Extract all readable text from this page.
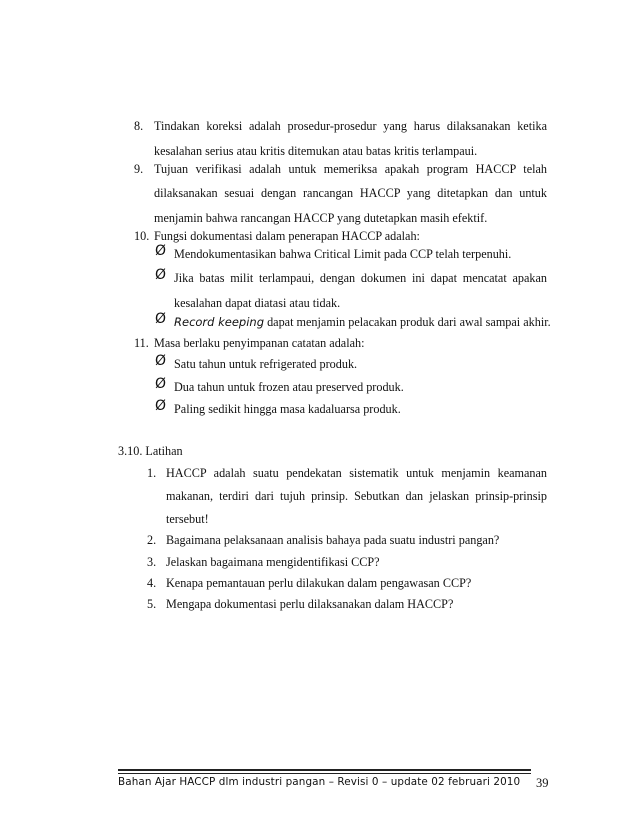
8. Tindakan koreksi adalah prosedur-prosedur yang harus dilaksanakan ketika
kesalahan serius atau kritis ditemukan atau batas kritis terlampaui.
9. Tujuan verifikasi adalah untuk memeriksa apakah program HACCP telah
dilaksanakan sesuai dengan rancangan HACCP yang ditetapkan dan untuk
menjamin bahwa rancangan HACCP yang dutetapkan masih efektif.
10. Fungsi dokumentasi dalam penerapan HACCP adalah:
Ø Mendokumentasikan bahwa Critical Limit pada CCP telah terpenuhi.
Ø Jika batas milit terlampaui, dengan dokumen ini dapat mencatat apakan
kesalahan dapat diatasi atau tidak.
Ø Record keeping dapat menjamin pelacakan produk dari awal sampai akhir.
11. Masa berlaku penyimpanan catatan adalah:
Ø Satu tahun untuk refrigerated produk.
Ø Dua tahun untuk frozen atau preserved produk.
Ø Paling sedikit hingga masa kadaluarsa produk.
3.10. Latihan
1. HACCP adalah suatu pendekatan sistematik untuk menjamin keamanan
makanan, terdiri dari tujuh prinsip. Sebutkan dan jelaskan prinsip-prinsip
tersebut!
2. Bagaimana pelaksanaan analisis bahaya pada suatu industri pangan?
3. Jelaskan bagaimana mengidentifikasi CCP?
4. Kenapa pemantauan perlu dilakukan dalam pengawasan CCP?
5. Mengapa dokumentasi perlu dilaksanakan dalam HACCP?
Bahan Ajar HACCP dlm industri pangan – Revisi 0 – update 02 februari 2010 39
